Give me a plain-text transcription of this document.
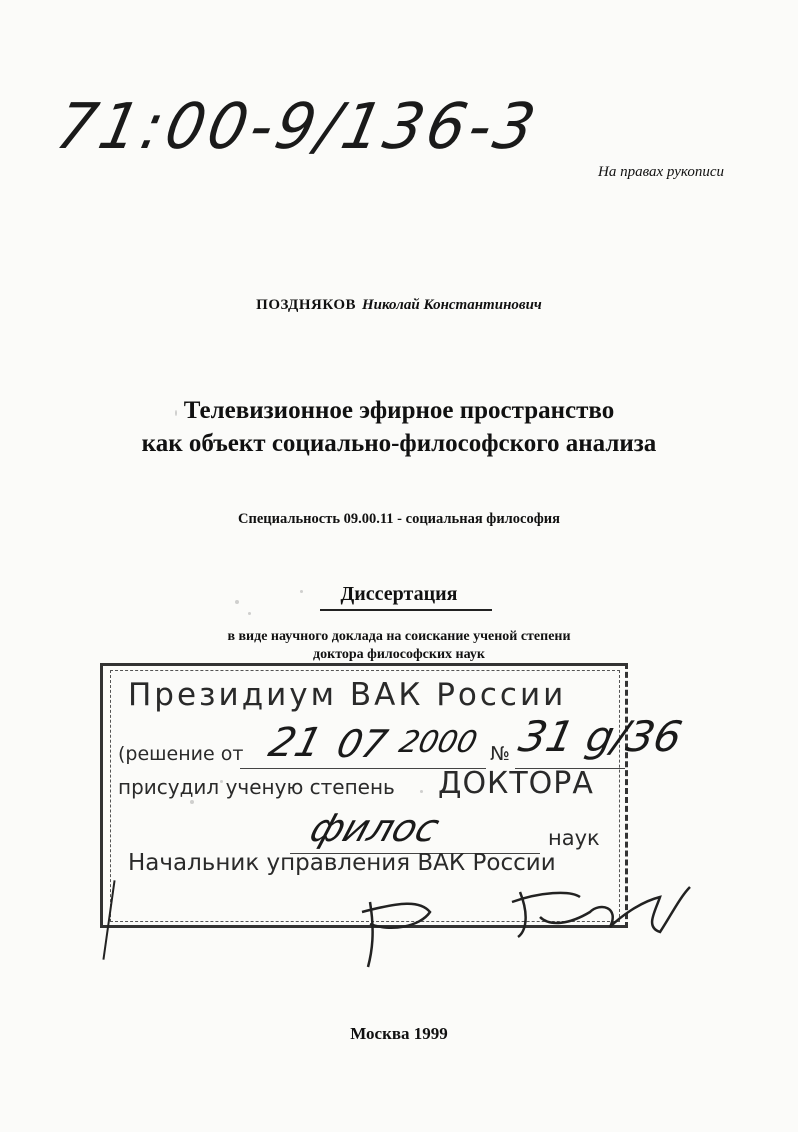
71:00-9/136-3
На правах рукописи
ПОЗДНЯКОВ Николай Константинович
Телевизионное эфирное пространство
как объект социально-философского анализа
Специальность 09.00.11 - социальная философия
Диссертация
в виде научного доклада на соискание ученой степени
доктора философских наук
Президиум ВАК России
(решение от	№
присудил ученую степень ДОКТОРА
наук
Начальник управления ВАК России
21 07 2000 31 g/36
филос
Москва 1999
